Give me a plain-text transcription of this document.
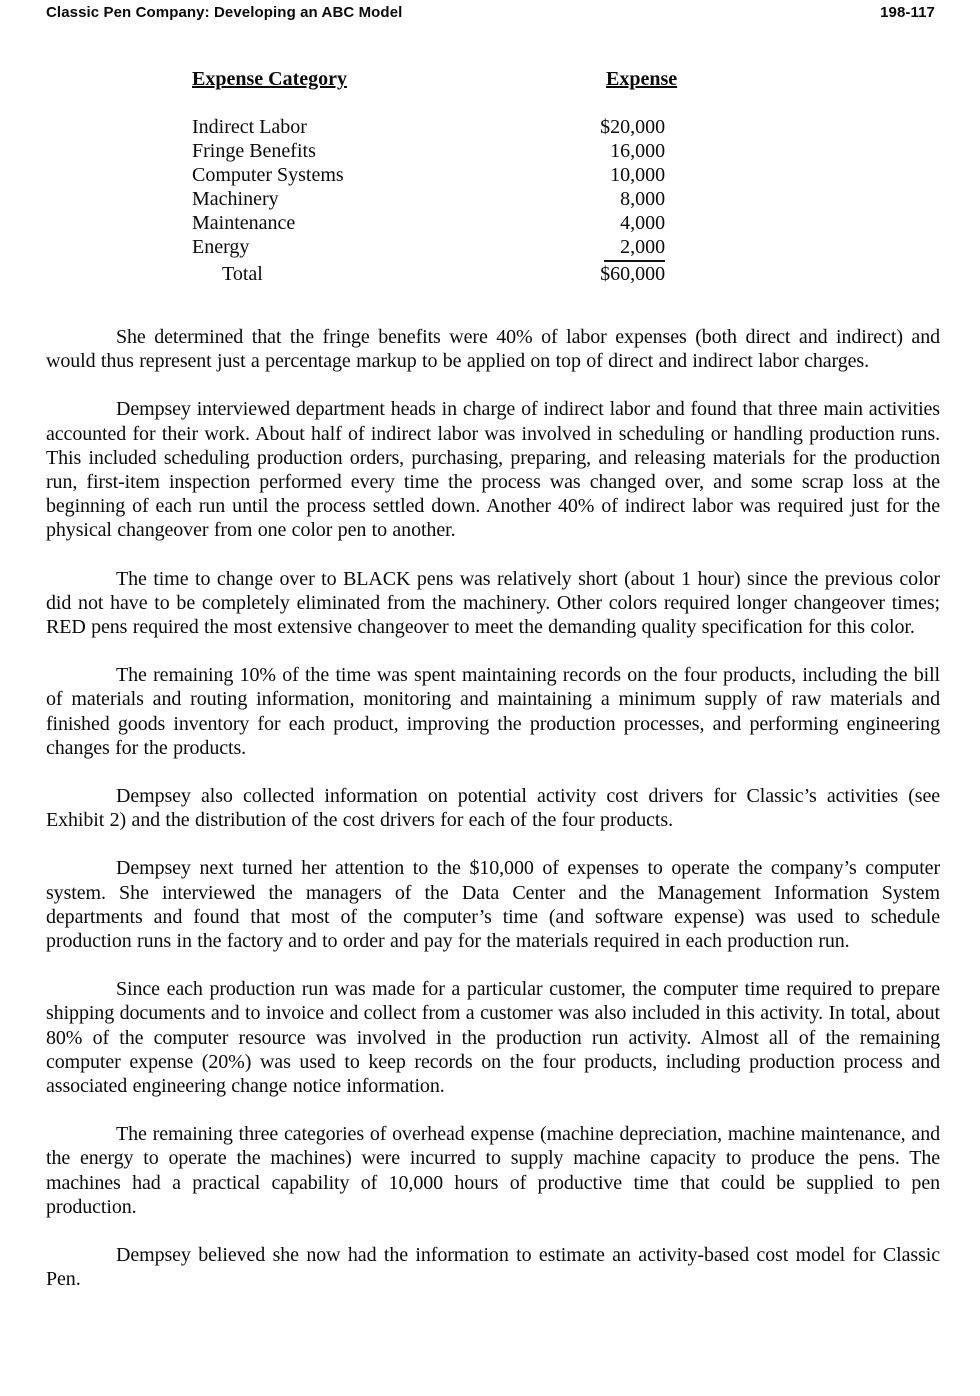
Classic Pen Company: Developing an ABC Model	198-117
Expense Category	Expense
Indirect Labor	$20,000
Fringe Benefits	16,000
Computer Systems	10,000
Machinery	8,000
Maintenance	4,000
Energy	2,000
Total	$60,000

She determined that the fringe benefits were 40% of labor expenses (both direct and indirect) and would thus represent just a percentage markup to be applied on top of direct and indirect labor charges.

Dempsey interviewed department heads in charge of indirect labor and found that three main activities accounted for their work. About half of indirect labor was involved in scheduling or handling production runs. This included scheduling production orders, purchasing, preparing, and releasing materials for the production run, first-item inspection performed every time the process was changed over, and some scrap loss at the beginning of each run until the process settled down. Another 40% of indirect labor was required just for the physical changeover from one color pen to another.

The time to change over to BLACK pens was relatively short (about 1 hour) since the previous color did not have to be completely eliminated from the machinery. Other colors required longer changeover times; RED pens required the most extensive changeover to meet the demanding quality specification for this color.

The remaining 10% of the time was spent maintaining records on the four products, including the bill of materials and routing information, monitoring and maintaining a minimum supply of raw materials and finished goods inventory for each product, improving the production processes, and performing engineering changes for the products.

Dempsey also collected information on potential activity cost drivers for Classic’s activities (see Exhibit 2) and the distribution of the cost drivers for each of the four products.

Dempsey next turned her attention to the $10,000 of expenses to operate the company’s computer system. She interviewed the managers of the Data Center and the Management Information System departments and found that most of the computer’s time (and software expense) was used to schedule production runs in the factory and to order and pay for the materials required in each production run.

Since each production run was made for a particular customer, the computer time required to prepare shipping documents and to invoice and collect from a customer was also included in this activity. In total, about 80% of the computer resource was involved in the production run activity. Almost all of the remaining computer expense (20%) was used to keep records on the four products, including production process and associated engineering change notice information.

The remaining three categories of overhead expense (machine depreciation, machine maintenance, and the energy to operate the machines) were incurred to supply machine capacity to produce the pens. The machines had a practical capability of 10,000 hours of productive time that could be supplied to pen production.

Dempsey believed she now had the information to estimate an activity-based cost model for Classic Pen.
